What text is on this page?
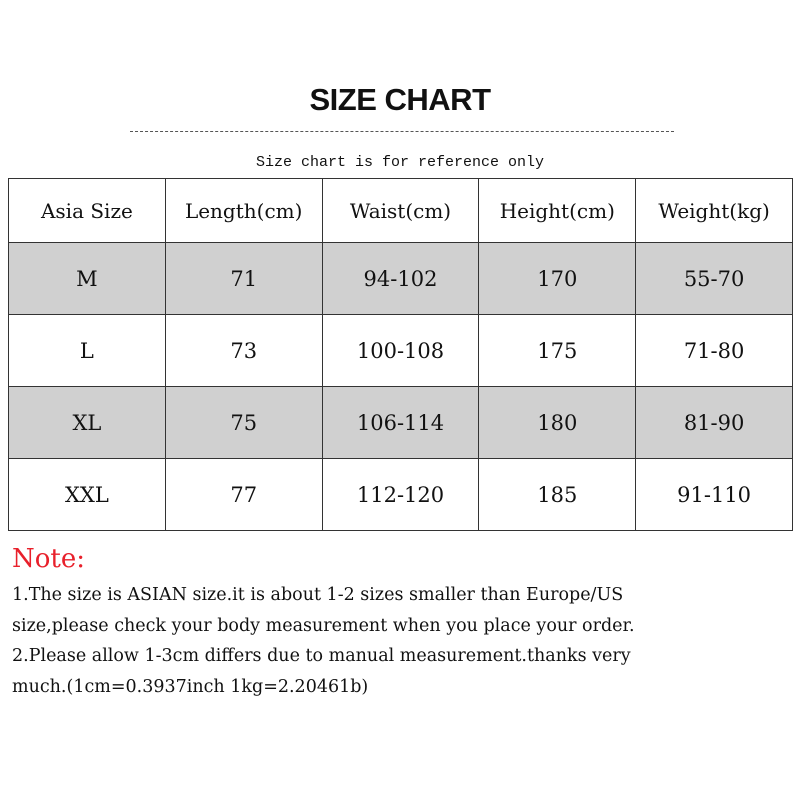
SIZE CHART
Size chart is for reference only
Asia Size	Length(cm)	Waist(cm)	Height(cm)	Weight(kg)
M	71	94-102	170	55-70
L	73	100-108	175	71-80
XL	75	106-114	180	81-90
XXL	77	112-120	185	91-110
Note:
1.The size is ASIAN size.it is about 1-2 sizes smaller than Europe/US
size,please check your body measurement when you place your order.
2.Please allow 1-3cm differs due to manual measurement.thanks very
much.(1cm=0.3937inch 1kg=2.20461b)
